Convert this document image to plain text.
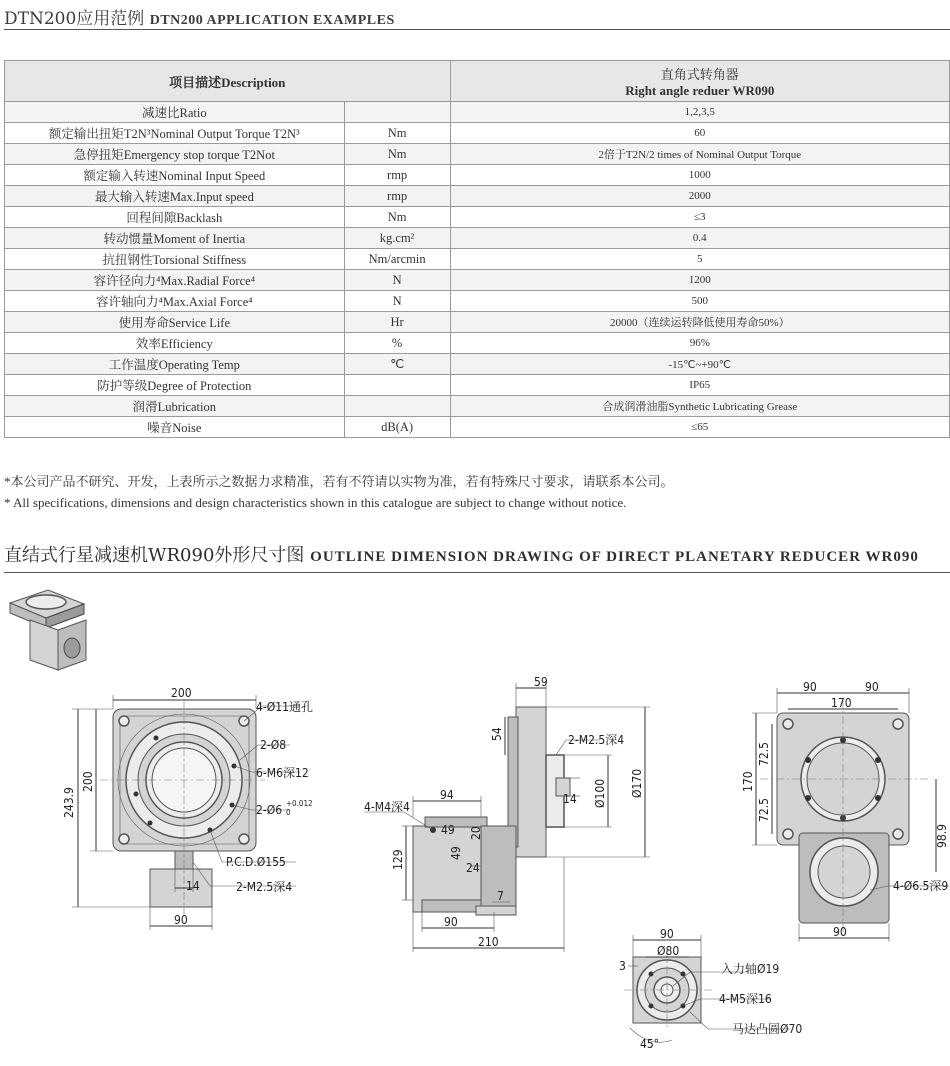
DTN200应用范例 DTN200 APPLICATION EXAMPLES
项目描述Description		直角式转角器
Right angle reduer WR090

减速比Ratio		1,2,3,5
额定输出扭矩T2N³Nominal Output Torque T2N³	Nm	60
急停扭矩Emergency stop torque T2Not	Nm	2倍于T2N/2 times of Nominal Output Torque
额定输入转速Nominal Input Speed	rmp	1000
最大输入转速Max.Input speed	rmp	2000
回程间隙Backlash	Nm	≤3
转动惯量Moment of Inertia	kg.cm²	0.4
抗扭钢性Torsional Stiffness	Nm/arcmin	5
容许径向力⁴Max.Radial Force⁴	N	1200
容许轴向力⁴Max.Axial Force⁴	N	500
使用寿命Service Life	Hr	20000（连续运转降低使用寿命50%）
效率Efficiency	%	96%
工作温度Operating Temp	℃	-15℃~+90℃
防护等级Degree of Protection		IP65
润滑Lubrication		合成润滑油脂Synthetic Lubricating Grease
噪音Noise	dB(A)	≤65
*本公司产品不研究、开发，上表所示之数据力求精准，若有不符请以实物为准，若有特殊尺寸要求，请联系本公司。
* All specifications, dimensions and design characteristics shown in this catalogue are subject to change without notice.
直结式行星减速机WR090外形尺寸图 OUTLINE DIMENSION DRAWING OF DIRECT PLANETARY REDUCER WR090
200
243.9
200
90
14
4-Ø11通孔
2-Ø8
6-M6深12
2-Ø6 +0.012
0
P.C.D.Ø155
2-M2.5深4
59
54	2-M2.5深4
Ø100 Ø170
14
94
4-M4深4
49
49
20
24
129
7
90
210
90	90
170
170
72.5
72.5
98.9
4-Ø6.5深9
90
90
Ø80
3	入力轴Ø19
4-M5深16
马达凸圆Ø70
45°
